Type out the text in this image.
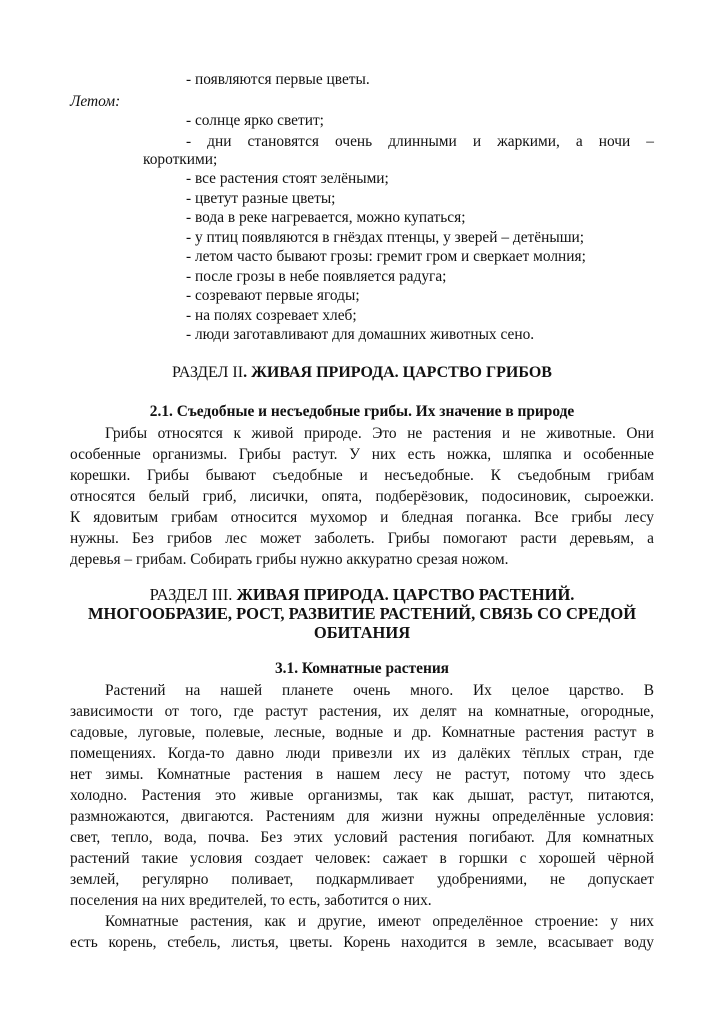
- появляются первые цветы.
Летом:
- солнце ярко светит;
- дни становятся очень длинными и жаркими, а ночи –
короткими;
- все растения стоят зелёными;
- цветут разные цветы;
- вода в реке нагревается, можно купаться;
- у птиц появляются в гнёздах птенцы, у зверей – детёныши;
- летом часто бывают грозы: гремит гром и сверкает молния;
- после грозы в небе появляется радуга;
- созревают первые ягоды;
- на полях созревает хлеб;
- люди заготавливают для домашних животных сено.
РАЗДЕЛ II. ЖИВАЯ ПРИРОДА. ЦАРСТВО ГРИБОВ
2.1. Съедобные и несъедобные грибы. Их значение в природе
Грибы относятся к живой природе. Это не растения и не животные. Они
особенные организмы. Грибы растут. У них есть ножка, шляпка и особенные
корешки. Грибы бывают съедобные и несъедобные. К съедобным грибам
относятся белый гриб, лисички, опята, подберёзовик, подосиновик, сыроежки.
К ядовитым грибам относится мухомор и бледная поганка. Все грибы лесу
нужны. Без грибов лес может заболеть. Грибы помогают расти деревьям, а
деревья – грибам. Собирать грибы нужно аккуратно срезая ножом.
РАЗДЕЛ III. ЖИВАЯ ПРИРОДА. ЦАРСТВО РАСТЕНИЙ.
МНОГООБРАЗИЕ, РОСТ, РАЗВИТИЕ РАСТЕНИЙ, СВЯЗЬ СО СРЕДОЙ
ОБИТАНИЯ
3.1. Комнатные растения
Растений на нашей планете очень много. Их целое царство. В
зависимости от того, где растут растения, их делят на комнатные, огородные,
садовые, луговые, полевые, лесные, водные и др. Комнатные растения растут в
помещениях. Когда-то давно люди привезли их из далёких тёплых стран, где
нет зимы. Комнатные растения в нашем лесу не растут, потому что здесь
холодно. Растения это живые организмы, так как дышат, растут, питаются,
размножаются, двигаются. Растениям для жизни нужны определённые условия:
свет, тепло, вода, почва. Без этих условий растения погибают. Для комнатных
растений такие условия создает человек: сажает в горшки с хорошей чёрной
землей, регулярно поливает, подкармливает удобрениями, не допускает
поселения на них вредителей, то есть, заботится о них.
Комнатные растения, как и другие, имеют определённое строение: у них
есть корень, стебель, листья, цветы. Корень находится в земле, всасывает воду
